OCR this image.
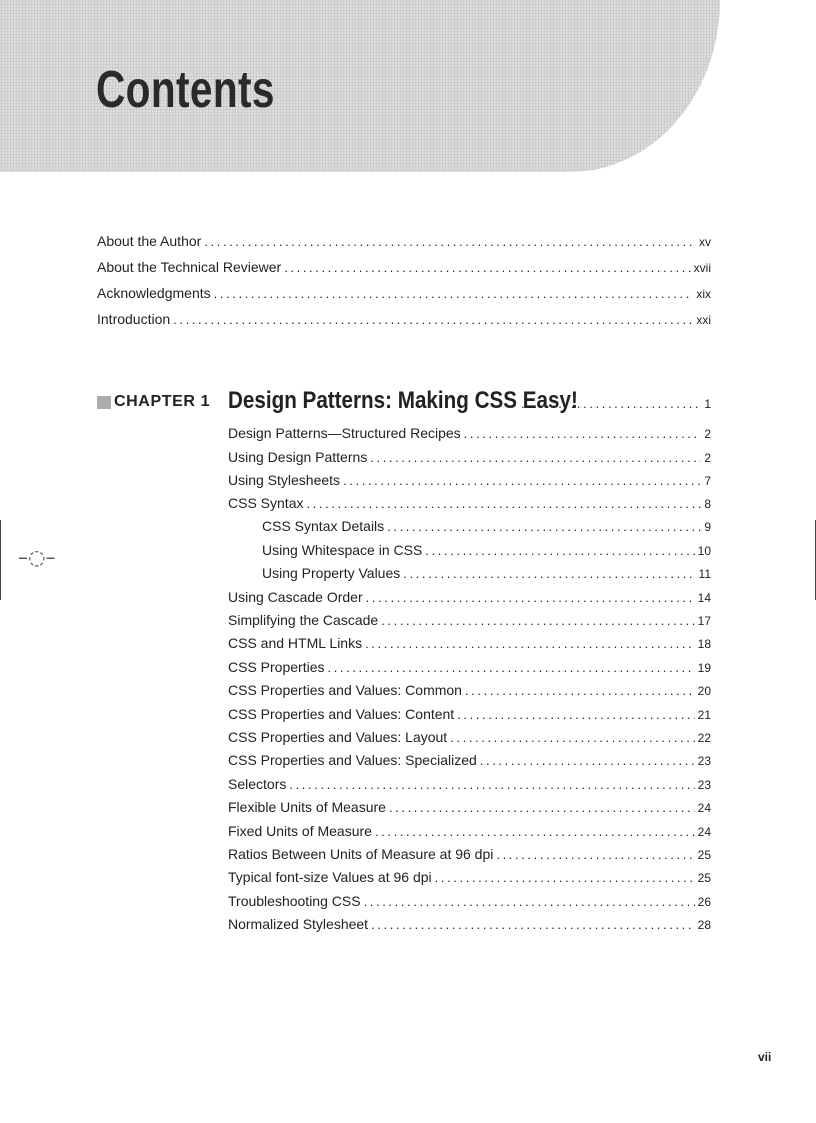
Contents
About the Author .....	xv
About the Technical Reviewer .....	xvii
Acknowledgments .....	xix
Introduction .....	xxi
CHAPTER 1 Design Patterns: Making CSS Easy! .....	1
Design Patterns—Structured Recipes .....	2
Using Design Patterns .....	2
Using Stylesheets .....	7
CSS Syntax .....	8
CSS Syntax Details .....	9
Using Whitespace in CSS .....	10
Using Property Values .....	11
Using Cascade Order .....	14
Simplifying the Cascade .....	17
CSS and HTML Links .....	18
CSS Properties .....	19
CSS Properties and Values: Common .....	20
CSS Properties and Values: Content .....	21
CSS Properties and Values: Layout .....	22
CSS Properties and Values: Specialized .....	23
Selectors .....	23
Flexible Units of Measure .....	24
Fixed Units of Measure .....	24
Ratios Between Units of Measure at 96 dpi .....	25
Typical font-size Values at 96 dpi .....	25
Troubleshooting CSS .....	26
Normalized Stylesheet .....	28
–◌–
vii
